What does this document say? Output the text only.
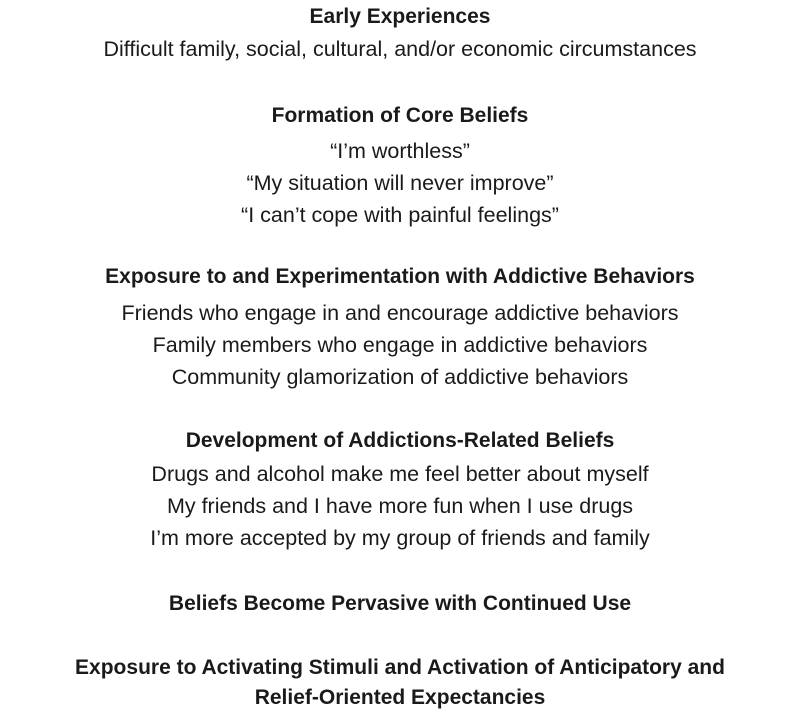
Early Experiences
Difficult family, social, cultural, and/or economic circumstances
Formation of Core Beliefs
“I’m worthless”
“My situation will never improve”
“I can’t cope with painful feelings”
Exposure to and Experimentation with Addictive Behaviors
Friends who engage in and encourage addictive behaviors
Family members who engage in addictive behaviors
Community glamorization of addictive behaviors
Development of Addictions-Related Beliefs
Drugs and alcohol make me feel better about myself
My friends and I have more fun when I use drugs
I’m more accepted by my group of friends and family
Beliefs Become Pervasive with Continued Use
Exposure to Activating Stimuli and Activation of Anticipatory and
Relief-Oriented Expectancies
